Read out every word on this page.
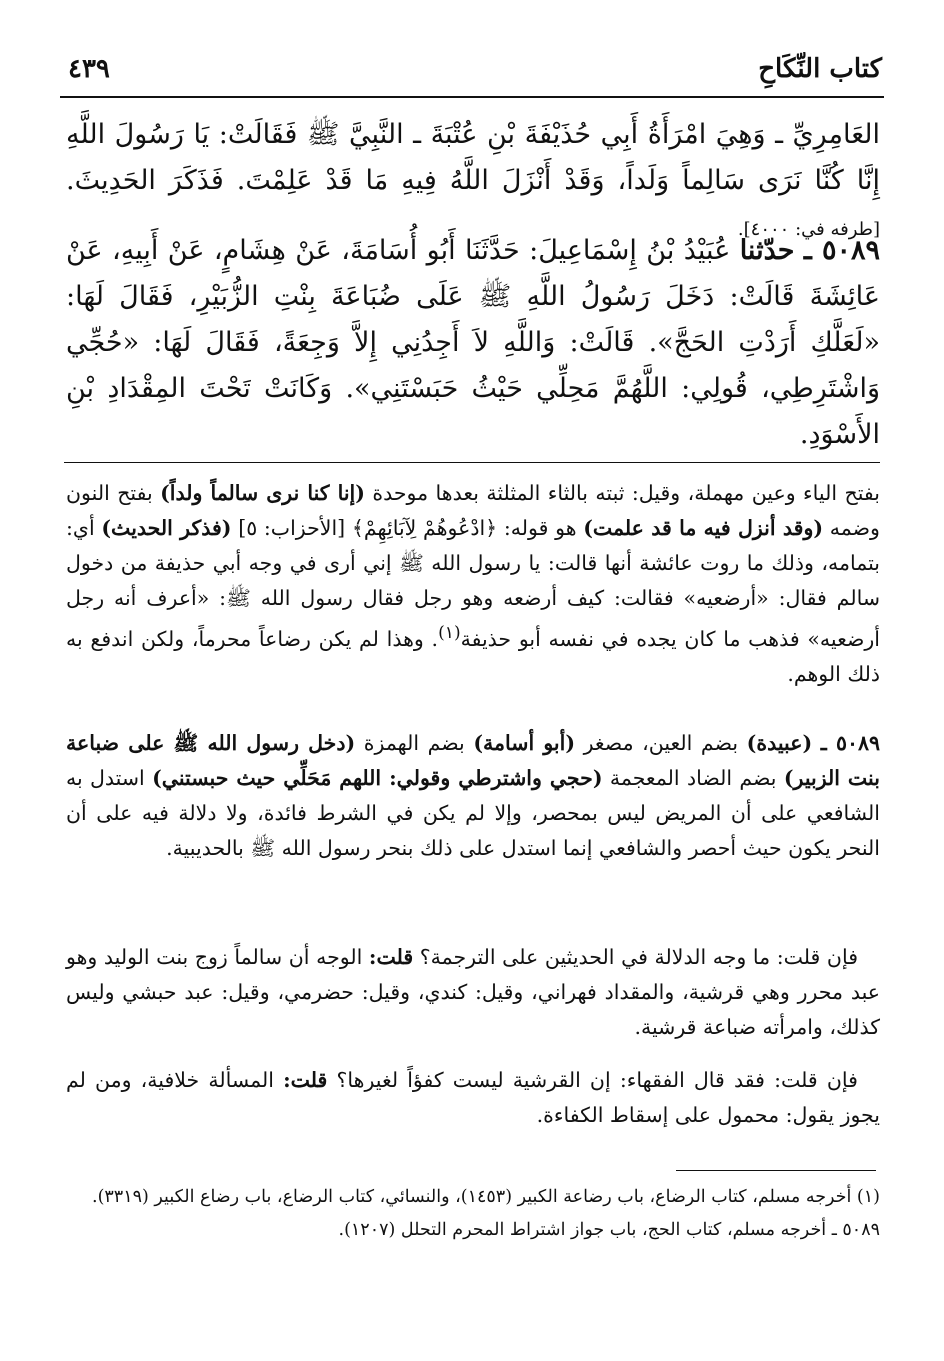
كتاب النِّكَاحِ
٤٣٩
العَامِرِيِّ ـ وَهِيَ امْرَأَةُ أَبِي حُذَيْفَةَ بْنِ عُتْبَةَ ـ النَّبِيَّ ﷺ فَقَالَتْ: يَا رَسُولَ اللَّهِ إِنَّا كُنَّا نَرَى سَالِماً وَلَداً، وَقَدْ أَنْزَلَ اللَّهُ فِيهِ مَا قَدْ عَلِمْتَ. فَذَكَرَ الحَدِيثَ. [طرفه في: ٤٠٠٠].
٥٠٨٩ ـ حدّثنا عُبَيْدُ بْنُ إِسْمَاعِيلَ: حَدَّثَنَا أَبُو أُسَامَةَ، عَنْ هِشَامٍ، عَنْ أَبِيهِ، عَنْ عَائِشَةَ قَالَتْ: دَخَلَ رَسُولُ اللَّهِ ﷺ عَلَى ضُبَاعَةَ بِنْتِ الزُّبَيْرِ، فَقَالَ لَهَا: «لَعَلَّكِ أَرَدْتِ الحَجَّ». قَالَتْ: وَاللَّهِ لاَ أَجِدُنِي إِلاَّ وَجِعَةً، فَقَالَ لَهَا: «حُجِّي وَاشْتَرِطِي، قُولِي: اللَّهُمَّ مَحِلِّي حَيْثُ حَبَسْتَنِي». وَكَانَتْ تَحْتَ المِقْدَادِ بْنِ الأَسْوَدِ.
بفتح الياء وعين مهملة، وقيل: ثبته بالثاء المثلثة بعدها موحدة (إنا كنا نرى سالماً ولداً) بفتح النون وضمه (وقد أنزل فيه ما قد علمت) هو قوله: ﴿ادْعُوهُمْ لِآبَائِهِمْ﴾ [الأحزاب: ٥] (فذكر الحديث) أي: بتمامه، وذلك ما روت عائشة أنها قالت: يا رسول الله ﷺ إني أرى في وجه أبي حذيفة من دخول سالم فقال: «أرضعيه» فقالت: كيف أرضعه وهو رجل فقال رسول الله ﷺ: «أعرف أنه رجل أرضعيه» فذهب ما كان يجده في نفسه أبو حذيفة$^{(١)}$. وهذا لم يكن رضاعاً محرماً، ولكن اندفع به ذلك الوهم.
٥٠٨٩ ـ (عبيدة) بضم العين، مصغر (أبو أسامة) بضم الهمزة (دخل رسول الله ﷺ على ضباعة بنت الزبير) بضم الضاد المعجمة (حجي واشترطي وقولي: اللهم مَحَلِّي حيث حبستني) استدل به الشافعي على أن المريض ليس بمحصر، وإلا لم يكن في الشرط فائدة، ولا دلالة فيه على أن النحر يكون حيث أحصر والشافعي إنما استدل على ذلك بنحر رسول الله ﷺ بالحديبية.
فإن قلت: ما وجه الدلالة في الحديثين على الترجمة؟ قلت: الوجه أن سالماً زوج بنت الوليد وهو عبد محرر وهي قرشية، والمقداد فهراني، وقيل: كندي، وقيل: حضرمي، وقيل: عبد حبشي وليس كذلك، وامرأته ضباعة قرشية.
فإن قلت: فقد قال الفقهاء: إن القرشية ليست كفؤاً لغيرها؟ قلت: المسألة خلافية، ومن لم يجوز يقول: محمول على إسقاط الكفاءة.
(١) أخرجه مسلم، كتاب الرضاع، باب رضاعة الكبير (١٤٥٣)، والنسائي، كتاب الرضاع، باب رضاع الكبير (٣٣١٩).
٥٠٨٩ ـ أخرجه مسلم، كتاب الحج، باب جواز اشتراط المحرم التحلل (١٢٠٧).
